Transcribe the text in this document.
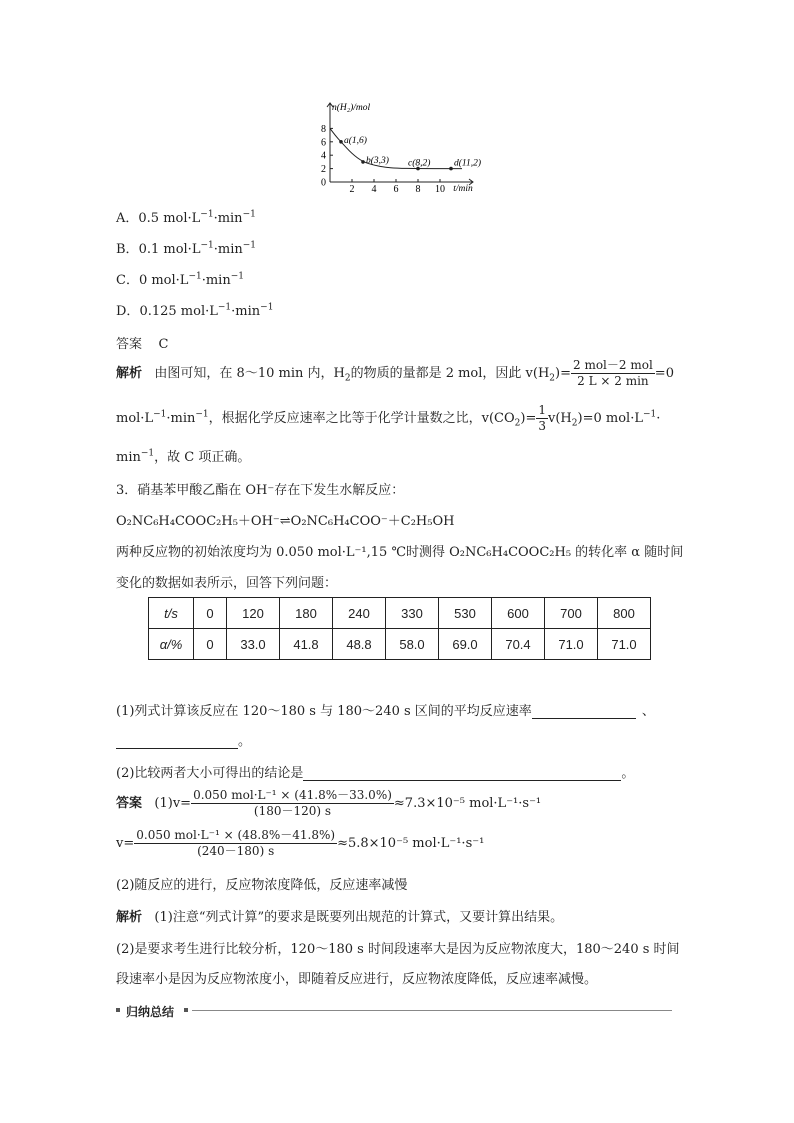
2 4 6 8 10
0
2
4
6
8
n(H₂)/mol
t/min
a(1,6)
b(3,3) c(8,2) d(11,2)
A．0.5 $mol\cdot L^{-1}\cdot\min^{-1}$
B．0.1 $mol\cdot L^{-1}\cdot\min^{-1}$
C．0 $mol\cdot L^{-1}\cdot\min^{-1}$
D．0.125 $mol\cdot L^{-1}\cdot\min^{-1}$
答案 C
解析 由图可知，在 8～10 min 内，$H_2$的物质的量都是 2 mol，因此 $v(H_2)= \frac{\text{2 mol－2 mol}}{2 L \times 2 \min} =0$
$mol\cdot L^{-1}\cdot\min^{-1}$，根据化学反应速率之比等于化学计量数之比，$v(CO_2)= \frac{1}{3} v(H_2)=0$ $mol\cdot L^{-1}\cdot$
$\min^{-1}$，故 C 项正确。
3．硝基苯甲酸乙酯在 OH⁻存在下发生水解反应：
O₂NC₆H₄COOC₂H₅＋OH⁻⇌O₂NC₆H₄COO⁻＋C₂H₅OH
两种反应物的初始浓度均为 0.050 mol·L⁻¹,15 ℃时测得 O₂NC₆H₄COOC₂H₅ 的转化率 α 随时间
变化的数据如表所示，回答下列问题：
t/s	0	120	180	240	330	530	600	700	800
α/%	0	33.0	41.8	48.8	58.0	69.0	70.4	71.0	71.0
(1)列式计算该反应在 120～180 s 与 180～240 s 区间的平均反应速率	、
。
(2)比较两者大小可得出的结论是	。
答案 $(1)v= \frac{\text{0.050 mol·L⁻¹ × (41.8\%－33.0\%)}}{(180-120) s} \approx 7.3\times 10^{-5}$ mol·L⁻¹·s⁻¹
$v= \frac{\text{0.050 mol·L⁻¹ × (48.8\%－41.8\%)}}{(240-180) s} \approx 5.8\times 10^{-5}$ mol·L⁻¹·s⁻¹
(2)随反应的进行，反应物浓度降低，反应速率减慢
解析 (1)注意“列式计算”的要求是既要列出规范的计算式，又要计算出结果。
(2)是要求考生进行比较分析，120～180 s 时间段速率大是因为反应物浓度大，180～240 s 时间
段速率小是因为反应物浓度小，即随着反应进行，反应物浓度降低，反应速率减慢。
归纳总结
